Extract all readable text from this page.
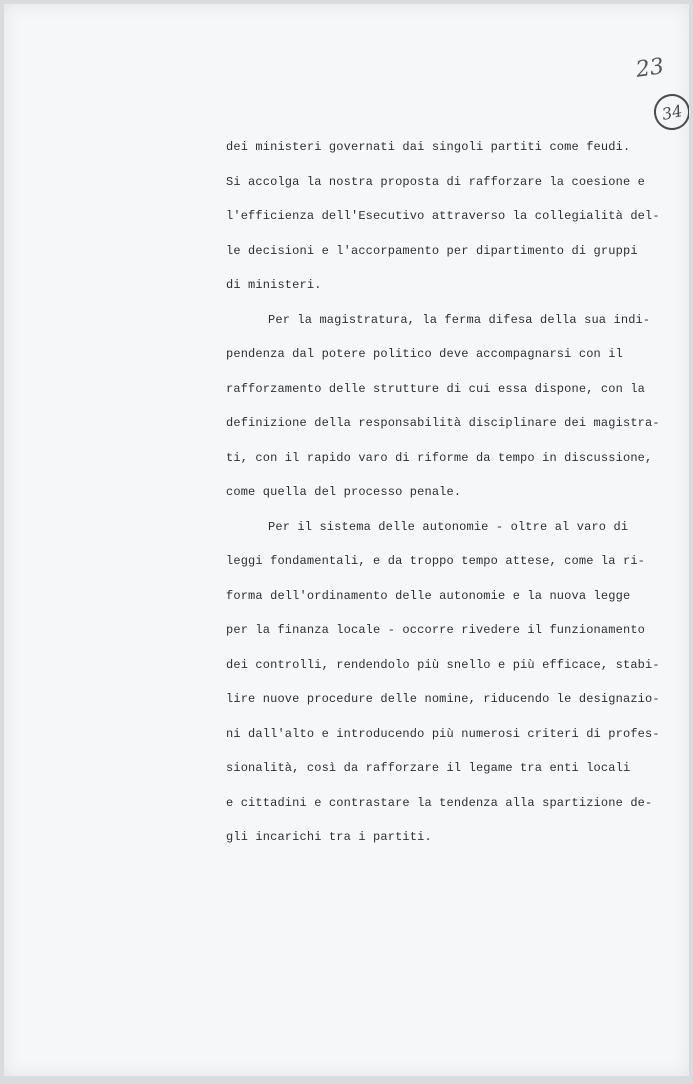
23
34
dei ministeri governati dai singoli partiti come feudi.
Si accolga la nostra proposta di rafforzare la coesione e
l'efficienza dell'Esecutivo attraverso la collegialità del-
le decisioni e l'accorpamento per dipartimento di gruppi
di ministeri.
Per la magistratura, la ferma difesa della sua indi-
pendenza dal potere politico deve accompagnarsi con il
rafforzamento delle strutture di cui essa dispone, con la
definizione della responsabilità disciplinare dei magistra-
ti, con il rapido varo di riforme da tempo in discussione,
come quella del processo penale.
Per il sistema delle autonomie - oltre al varo di
leggi fondamentali, e da troppo tempo attese, come la ri-
forma dell'ordinamento delle autonomie e la nuova legge
per la finanza locale - occorre rivedere il funzionamento
dei controlli, rendendolo più snello e più efficace, stabi-
lire nuove procedure delle nomine, riducendo le designazio-
ni dall'alto e introducendo più numerosi criteri di profes-
sionalità, così da rafforzare il legame tra enti locali
e cittadini e contrastare la tendenza alla spartizione de-
gli incarichi tra i partiti.
